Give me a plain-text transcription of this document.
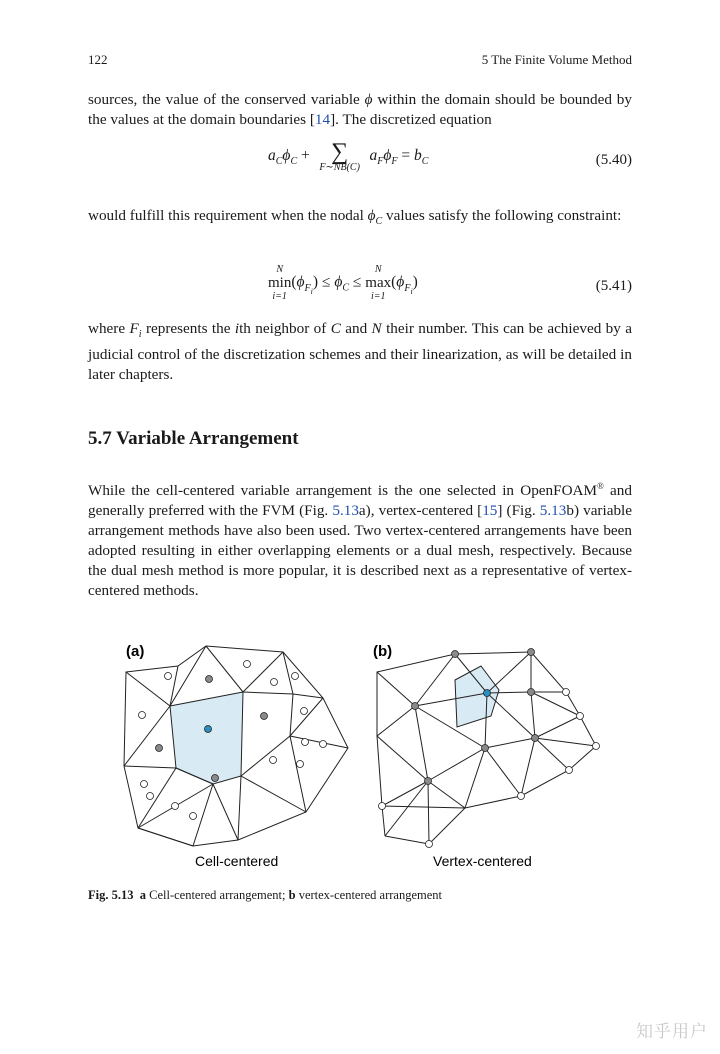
122	5 The Finite Volume Method

sources, the value of the conserved variable ϕ within the domain should be bounded by the values at the domain boundaries [14]. The discretized equation

$a_C\phi_C$ + ∑
F∼NB(C)
$a_F\phi_F = b_C$	(5.40)

would fulfill this requirement when the nodal $\phi_C$ values satisfy the following constraint:

N
min
i=1
$(\phi_{F_i}) \le \phi_C$ ≤
N
max
i=1
$(\phi_{F_i})$	(5.41)

where $F_i$ represents the ith neighbor of C and N their number. This can be achieved by a judicial control of the discretization schemes and their linearization, as will be detailed in later chapters.

5.7 Variable Arrangement

While the cell-centered variable arrangement is the one selected in OpenFOAM® and generally preferred with the FVM (Fig. 5.13a), vertex-centered [15] (Fig. 5.13b) variable arrangement methods have also been used. Two vertex-centered arrangements have been adopted resulting in either overlapping elements or a dual mesh, respectively. Because the dual mesh method is more popular, it is described next as a representative of vertex-centered methods.

(a)	(b)
Cell-centered	Vertex-centered
Fig. 5.13 a Cell-centered arrangement; b vertex-centered arrangement
知乎用户
